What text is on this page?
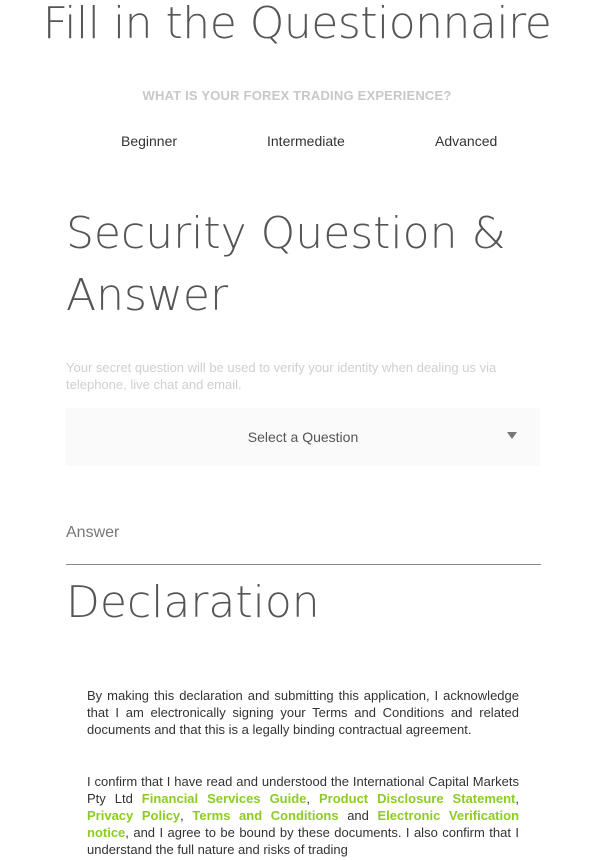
Fill in the Questionnaire
WHAT IS YOUR FOREX TRADING EXPERIENCE?
Beginner	Intermediate	Advanced
Security Question & Answer
Your secret question will be used to verify your identity when dealing us via telephone, live chat and email.
Select a Question
Answer
Declaration
By making this declaration and submitting this application, I acknowledge that I am electronically signing your Terms and Conditions and related documents and that this is a legally binding contractual agreement.
I confirm that I have read and understood the International Capital Markets Pty Ltd Financial Services Guide, Product Disclosure Statement, Privacy Policy, Terms and Conditions and Electronic Verification notice, and I agree to be bound by these documents. I also confirm that I understand the full nature and risks of trading
